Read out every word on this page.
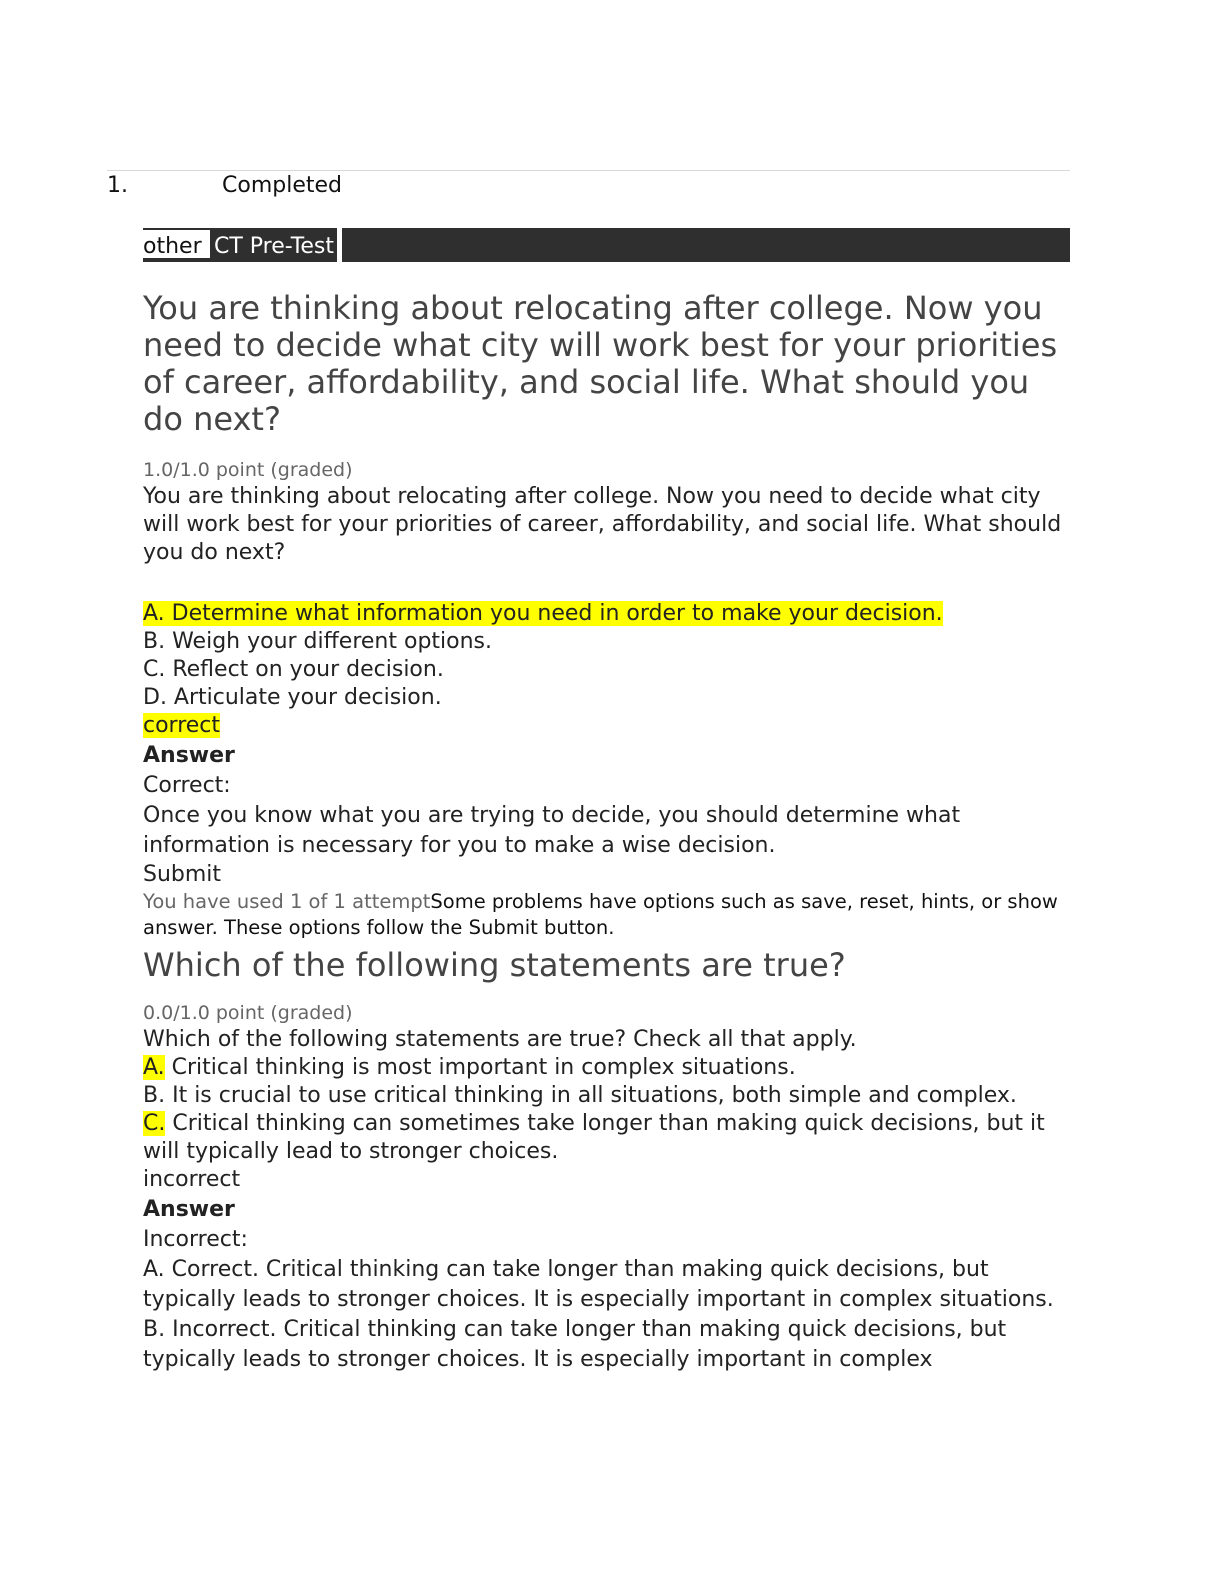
1.	Completed
other CT Pre-Test
You are thinking about relocating after college. Now you need to decide what city will work best for your priorities of career, affordability, and social life. What should you do next?
1.0/1.0 point (graded)
You are thinking about relocating after college. Now you need to decide what city will work best for your priorities of career, affordability, and social life. What should you do next?
A. Determine what information you need in order to make your decision.
B. Weigh your different options.
C. Reflect on your decision.
D. Articulate your decision.
correct
Answer
Correct:
Once you know what you are trying to decide, you should determine what information is necessary for you to make a wise decision.
Submit
You have used 1 of 1 attemptSome problems have options such as save, reset, hints, or show answer. These options follow the Submit button.
Which of the following statements are true?
0.0/1.0 point (graded)
Which of the following statements are true? Check all that apply.
A. Critical thinking is most important in complex situations.
B. It is crucial to use critical thinking in all situations, both simple and complex.
C. Critical thinking can sometimes take longer than making quick decisions, but it will typically lead to stronger choices.
incorrect
Answer
Incorrect:
A. Correct. Critical thinking can take longer than making quick decisions, but typically leads to stronger choices. It is especially important in complex situations.
B. Incorrect. Critical thinking can take longer than making quick decisions, but typically leads to stronger choices. It is especially important in complex
